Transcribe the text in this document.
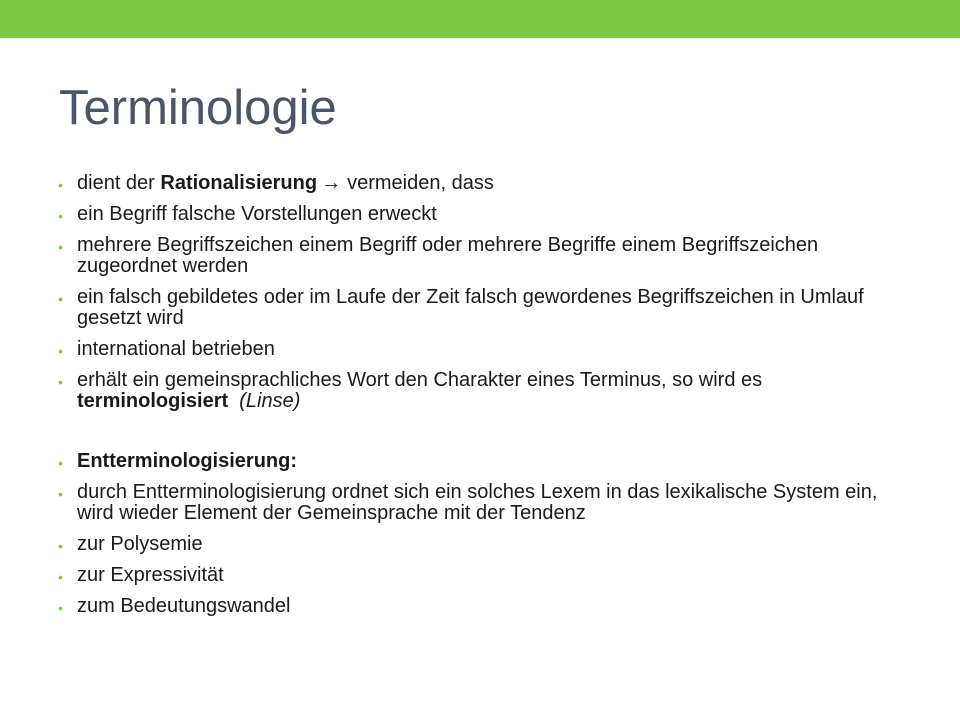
Terminologie
• dient der Rationalisierung → vermeiden, dass
• ein Begriff falsche Vorstellungen erweckt
• mehrere Begriffszeichen einem Begriff oder mehrere Begriffe einem Begriffszeichen zugeordnet werden
• ein falsch gebildetes oder im Laufe der Zeit falsch gewordenes Begriffszeichen in Umlauf gesetzt wird
• international betrieben
• erhält ein gemeinsprachliches Wort den Charakter eines Terminus, so wird es terminologisiert (Linse)
• Entterminologisierung:
• durch Entterminologisierung ordnet sich ein solches Lexem in das lexikalische System ein, wird wieder Element der Gemeinsprache mit der Tendenz
• zur Polysemie
• zur Expressivität
• zum Bedeutungswandel
